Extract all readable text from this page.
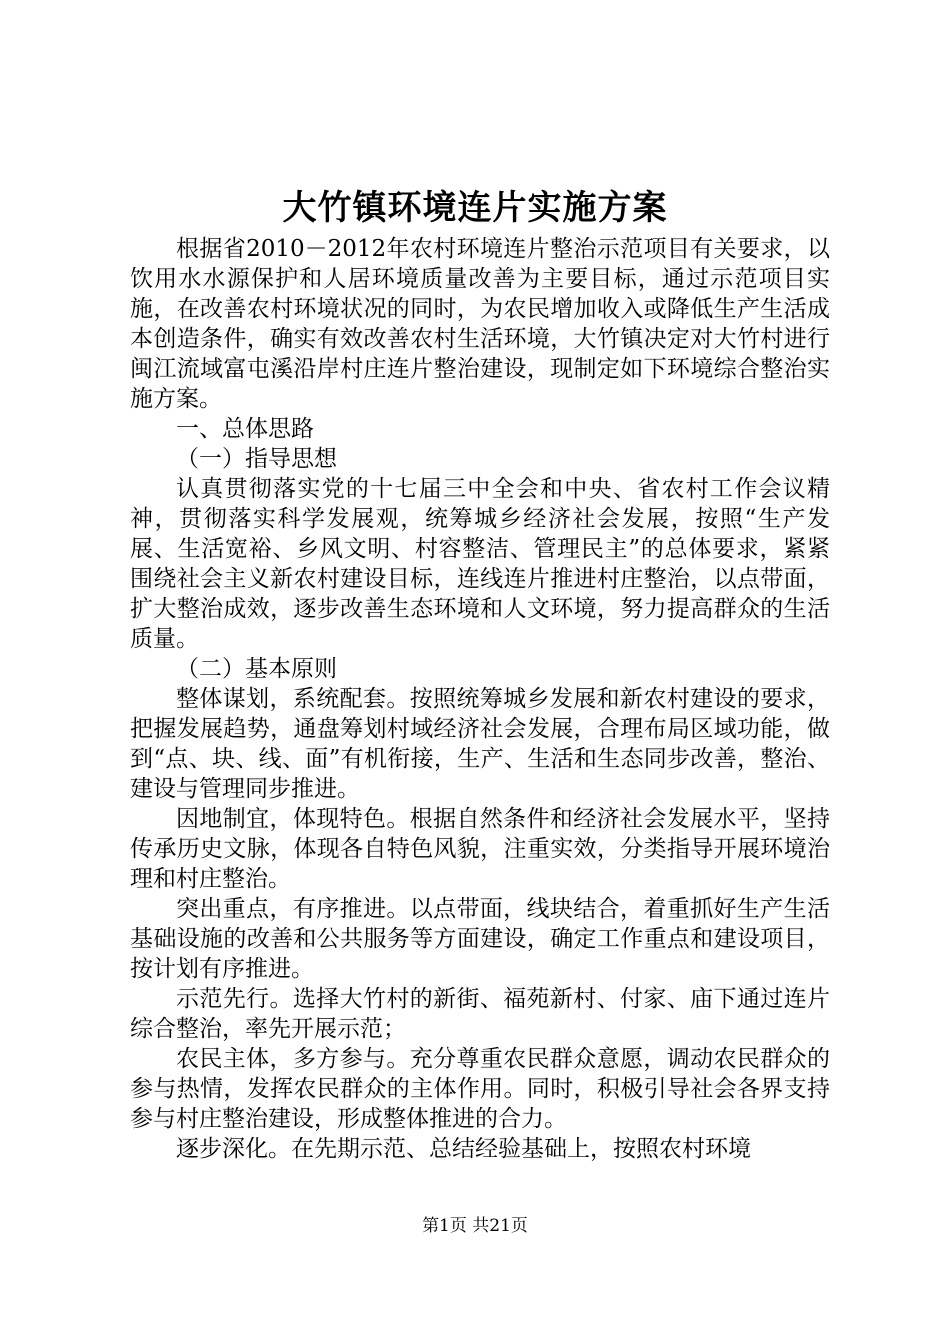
大竹镇环境连片实施方案

根据省2010－2012年农村环境连片整治示范项目有关要求，以饮用水水源保护和人居环境质量改善为主要目标，通过示范项目实施，在改善农村环境状况的同时，为农民增加收入或降低生产生活成本创造条件，确实有效改善农村生活环境，大竹镇决定对大竹村进行闽江流域富屯溪沿岸村庄连片整治建设，现制定如下环境综合整治实施方案。

一、总体思路

（一）指导思想

认真贯彻落实党的十七届三中全会和中央、省农村工作会议精神，贯彻落实科学发展观，统筹城乡经济社会发展，按照“生产发展、生活宽裕、乡风文明、村容整洁、管理民主”的总体要求，紧紧围绕社会主义新农村建设目标，连线连片推进村庄整治，以点带面，扩大整治成效，逐步改善生态环境和人文环境，努力提高群众的生活质量。

（二）基本原则

整体谋划，系统配套。按照统筹城乡发展和新农村建设的要求，把握发展趋势，通盘筹划村域经济社会发展，合理布局区域功能，做到“点、块、线、面”有机衔接，生产、生活和生态同步改善，整治、建设与管理同步推进。

因地制宜，体现特色。根据自然条件和经济社会发展水平，坚持传承历史文脉，体现各自特色风貌，注重实效，分类指导开展环境治理和村庄整治。

突出重点，有序推进。以点带面，线块结合，着重抓好生产生活基础设施的改善和公共服务等方面建设，确定工作重点和建设项目，按计划有序推进。

示范先行。选择大竹村的新街、福苑新村、付家、庙下通过连片综合整治，率先开展示范；

农民主体，多方参与。充分尊重农民群众意愿，调动农民群众的参与热情，发挥农民群众的主体作用。同时，积极引导社会各界支持参与村庄整治建设，形成整体推进的合力。

逐步深化。在先期示范、总结经验基础上，按照农村环境

第1页 共21页
